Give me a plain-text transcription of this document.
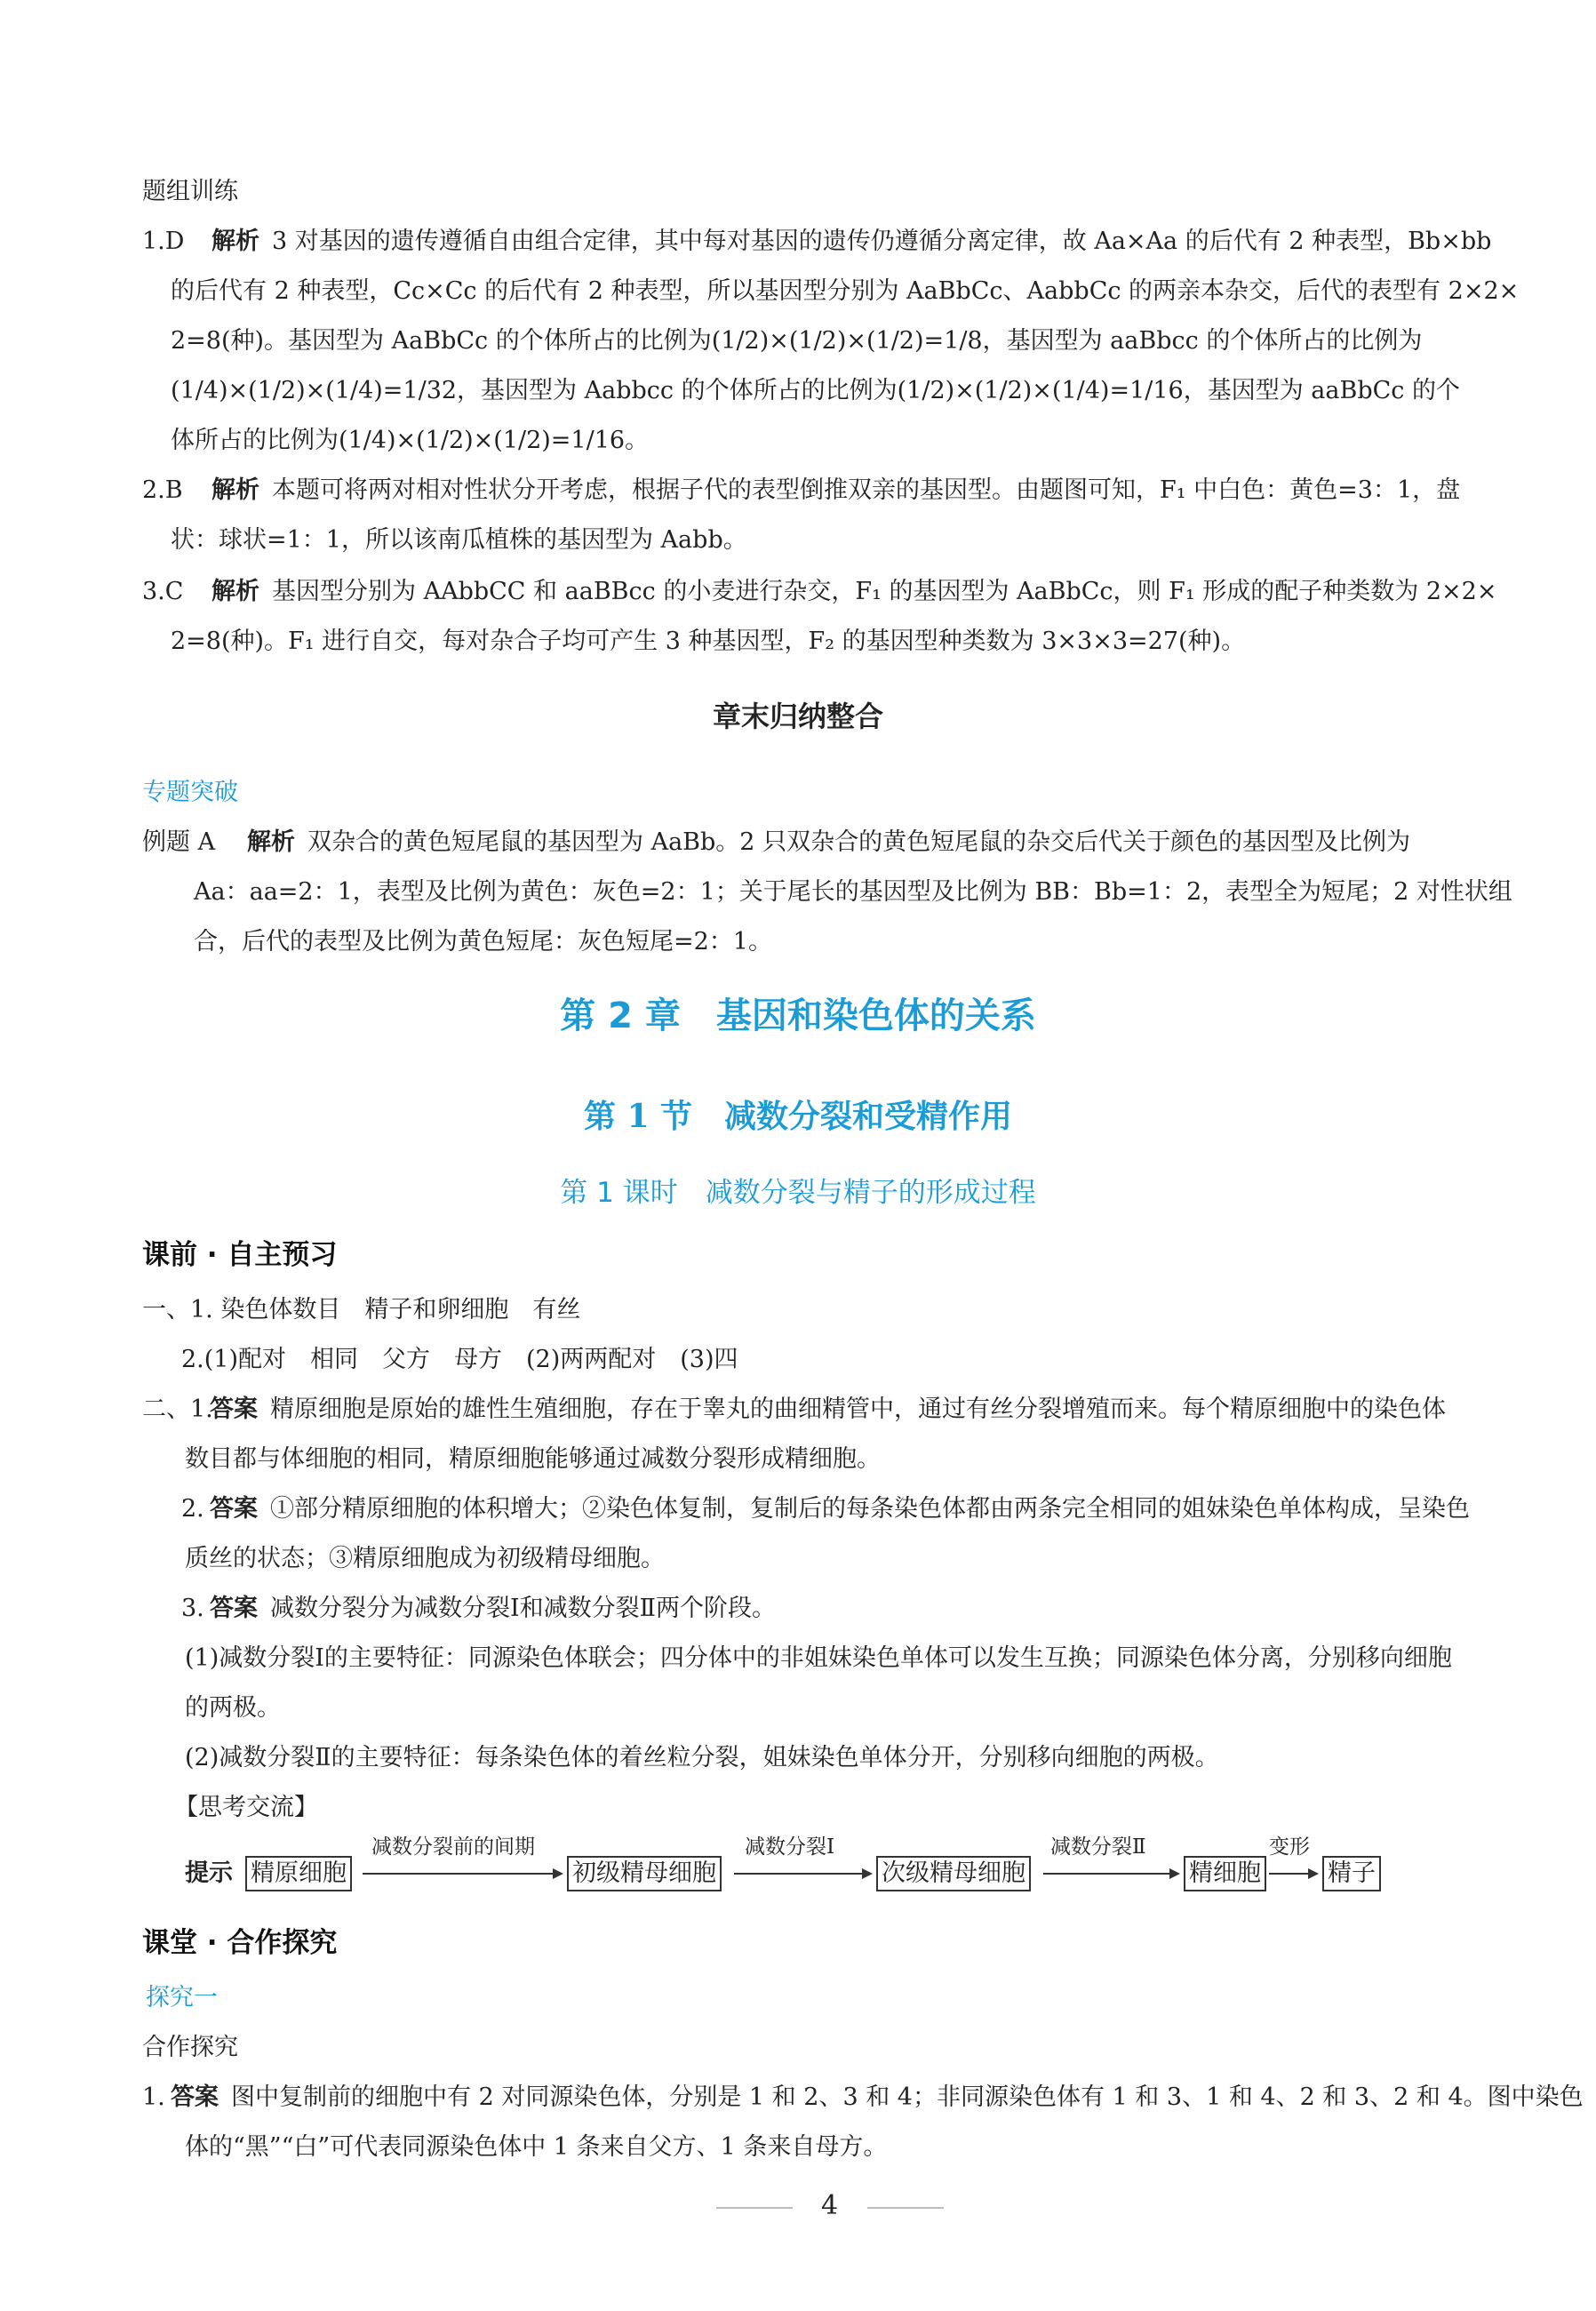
题组训练
1.D 解析 3 对基因的遗传遵循自由组合定律，其中每对基因的遗传仍遵循分离定律，故 Aa×Aa 的后代有 2 种表型，Bb×bb
的后代有 2 种表型，Cc×Cc 的后代有 2 种表型，所以基因型分别为 AaBbCc、AabbCc 的两亲本杂交，后代的表型有 2×2×
2=8(种)。基因型为 AaBbCc 的个体所占的比例为(1/2)×(1/2)×(1/2)=1/8，基因型为 aaBbcc 的个体所占的比例为
(1/4)×(1/2)×(1/4)=1/32，基因型为 Aabbcc 的个体所占的比例为(1/2)×(1/2)×(1/4)=1/16，基因型为 aaBbCc 的个
体所占的比例为(1/4)×(1/2)×(1/2)=1/16。
2.B 解析 本题可将两对相对性状分开考虑，根据子代的表型倒推双亲的基因型。由题图可知，F₁ 中白色：黄色=3：1，盘
状：球状=1：1，所以该南瓜植株的基因型为 Aabb。
3.C 解析 基因型分别为 AAbbCC 和 aaBBcc 的小麦进行杂交，F₁ 的基因型为 AaBbCc，则 F₁ 形成的配子种类数为 2×2×
2=8(种)。F₁ 进行自交，每对杂合子均可产生 3 种基因型，F₂ 的基因型种类数为 3×3×3=27(种)。
章末归纳整合
专题突破
例题 A 解析 双杂合的黄色短尾鼠的基因型为 AaBb。2 只双杂合的黄色短尾鼠的杂交后代关于颜色的基因型及比例为
Aa：aa=2：1，表型及比例为黄色：灰色=2：1；关于尾长的基因型及比例为 BB：Bb=1：2，表型全为短尾；2 对性状组
合，后代的表型及比例为黄色短尾：灰色短尾=2：1。
第 2 章　基因和染色体的关系
第 1 节　减数分裂和受精作用
第 1 课时　减数分裂与精子的形成过程
课前 · 自主预习
一、1. 染色体数目　精子和卵细胞　有丝
2.(1)配对　相同　父方　母方　(2)两两配对　(3)四
二、1.
答案 精原细胞是原始的雄性生殖细胞，存在于睾丸的曲细精管中，通过有丝分裂增殖而来。每个精原细胞中的染色体
数目都与体细胞的相同，精原细胞能够通过减数分裂形成精细胞。
2. 答案 ①部分精原细胞的体积增大；②染色体复制，复制后的每条染色体都由两条完全相同的姐妹染色单体构成，呈染色
质丝的状态；③精原细胞成为初级精母细胞。
3. 答案 减数分裂分为减数分裂Ⅰ和减数分裂Ⅱ两个阶段。
(1)减数分裂Ⅰ的主要特征：同源染色体联会；四分体中的非姐妹染色单体可以发生互换；同源染色体分离，分别移向细胞
的两极。
(2)减数分裂Ⅱ的主要特征：每条染色体的着丝粒分裂，姐妹染色单体分开，分别移向细胞的两极。
【思考交流】
提示 精原细胞
减数分裂前的间期
初级精母细胞
减数分裂Ⅰ
次级精母细胞
减数分裂Ⅱ
精细胞
变形
精子
课堂 · 合作探究
探究一
合作探究
1. 答案 图中复制前的细胞中有 2 对同源染色体，分别是 1 和 2、3 和 4；非同源染色体有 1 和 3、1 和 4、2 和 3、2 和 4。图中染色
体的“黑”“白”可代表同源染色体中 1 条来自父方、1 条来自母方。
4
